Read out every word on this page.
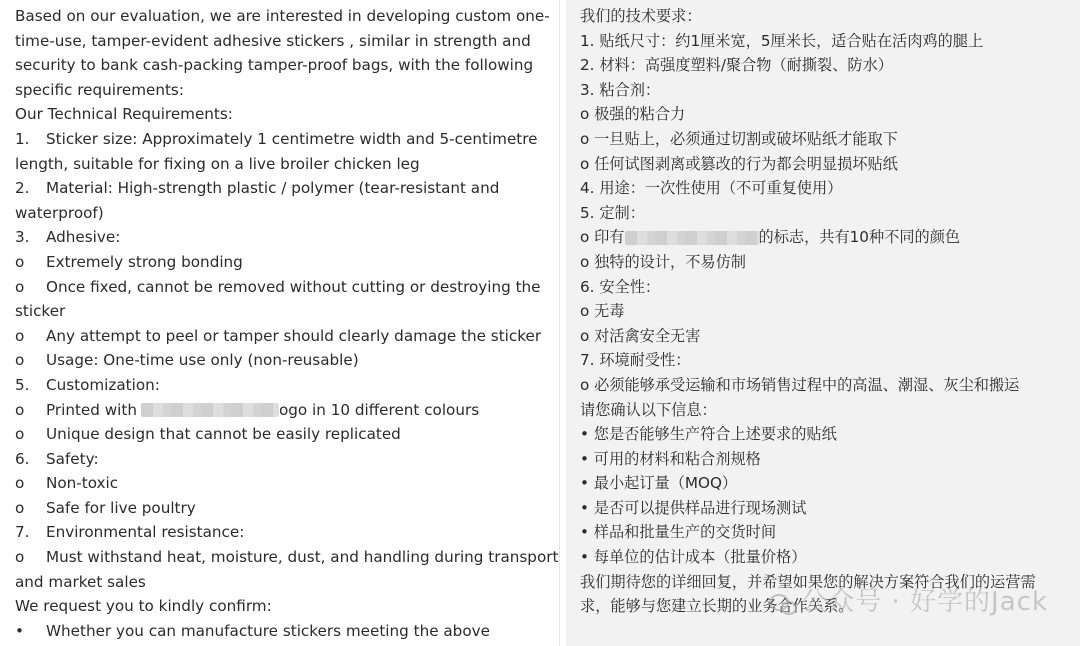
Based on our evaluation, we are interested in developing custom one-
time-use, tamper-evident adhesive stickers , similar in strength and
security to bank cash-packing tamper-proof bags, with the following
specific requirements:
Our Technical Requirements:
1. Sticker size: Approximately 1 centimetre width and 5-centimetre
length, suitable for fixing on a live broiler chicken leg
2. Material: High-strength plastic / polymer (tear-resistant and
waterproof)
3. Adhesive:
o Extremely strong bonding
o Once fixed, cannot be removed without cutting or destroying the
sticker
o Any attempt to peel or tamper should clearly damage the sticker
o Usage: One-time use only (non-reusable)
5. Customization:
o Printed with	ogo in 10 different colours
o Unique design that cannot be easily replicated
6. Safety:
o Non-toxic
o Safe for live poultry
7. Environmental resistance:
o Must withstand heat, moisture, dust, and handling during transport
and market sales
We request you to kindly confirm:
• Whether you can manufacture stickers meeting the above
我们的技术要求：
1. 贴纸尺寸：约1厘米宽，5厘米长，适合贴在活肉鸡的腿上
2. 材料：高强度塑料/聚合物（耐撕裂、防水）
3. 粘合剂：
o 极强的粘合力
o 一旦贴上，必须通过切割或破坏贴纸才能取下
o 任何试图剥离或篡改的行为都会明显损坏贴纸
4. 用途：一次性使用（不可重复使用）
5. 定制：
o 印有	的标志，共有10种不同的颜色
o 独特的设计，不易仿制
6. 安全性：
o 无毒
o 对活禽安全无害
7. 环境耐受性：
o 必须能够承受运输和市场销售过程中的高温、潮湿、灰尘和搬运
请您确认以下信息：
• 您是否能够生产符合上述要求的贴纸
• 可用的材料和粘合剂规格
• 最小起订量（MOQ）
• 是否可以提供样品进行现场测试
• 样品和批量生产的交货时间
• 每单位的估计成本（批量价格）
我们期待您的详细回复，并希望如果您的解决方案符合我们的运营需
求，能够与您建立长期的业务合作关系。
公众号 · 好学的Jack
